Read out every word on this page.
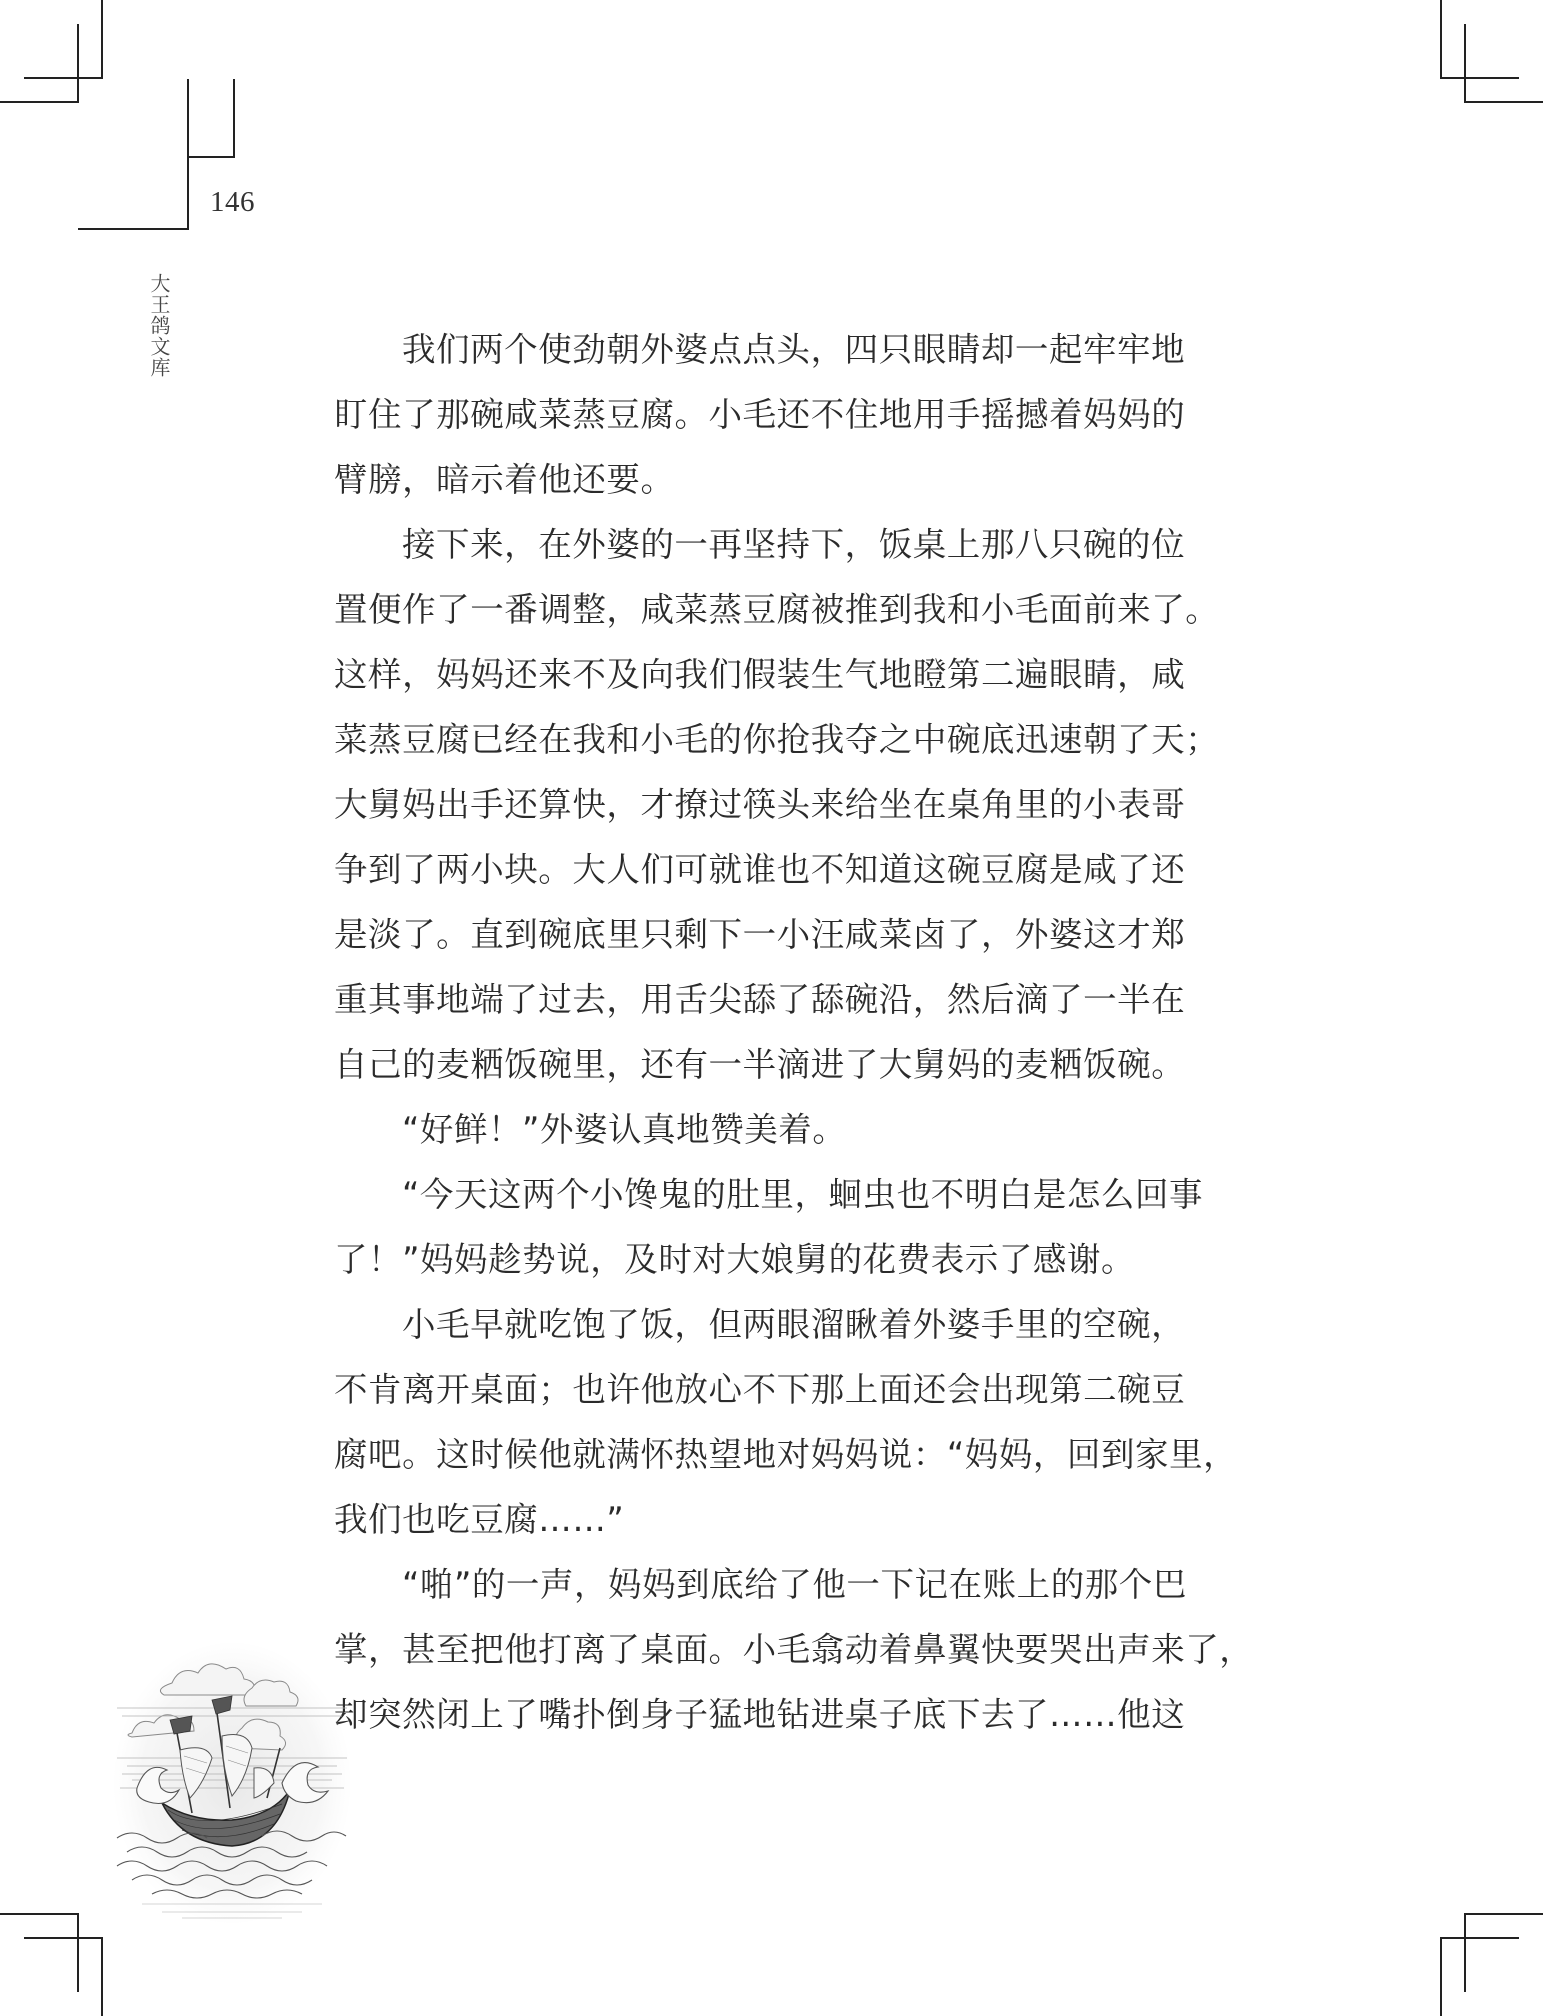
146
大王鸽文库	我们两个使劲朝外婆点点头，四只眼睛却一起牢牢地
盯住了那碗咸菜蒸豆腐。小毛还不住地用手摇撼着妈妈的
臂膀，暗示着他还要。
接下来，在外婆的一再坚持下，饭桌上那八只碗的位
置便作了一番调整，咸菜蒸豆腐被推到我和小毛面前来了。
这样，妈妈还来不及向我们假装生气地瞪第二遍眼睛，咸
菜蒸豆腐已经在我和小毛的你抢我夺之中碗底迅速朝了天；
大舅妈出手还算快，才撩过筷头来给坐在桌角里的小表哥
争到了两小块。大人们可就谁也不知道这碗豆腐是咸了还
是淡了。直到碗底里只剩下一小汪咸菜卤了，外婆这才郑
重其事地端了过去，用舌尖舔了舔碗沿，然后滴了一半在
自己的麦粞饭碗里，还有一半滴进了大舅妈的麦粞饭碗。
“好鲜！”外婆认真地赞美着。
“今天这两个小馋鬼的肚里，蛔虫也不明白是怎么回事
了！”妈妈趁势说，及时对大娘舅的花费表示了感谢。
小毛早就吃饱了饭，但两眼溜瞅着外婆手里的空碗，
不肯离开桌面；也许他放心不下那上面还会出现第二碗豆
腐吧。这时候他就满怀热望地对妈妈说：“妈妈，回到家里，
我们也吃豆腐……”
“啪”的一声，妈妈到底给了他一下记在账上的那个巴
掌，甚至把他打离了桌面。小毛翕动着鼻翼快要哭出声来了，
却突然闭上了嘴扑倒身子猛地钻进桌子底下去了……他这
